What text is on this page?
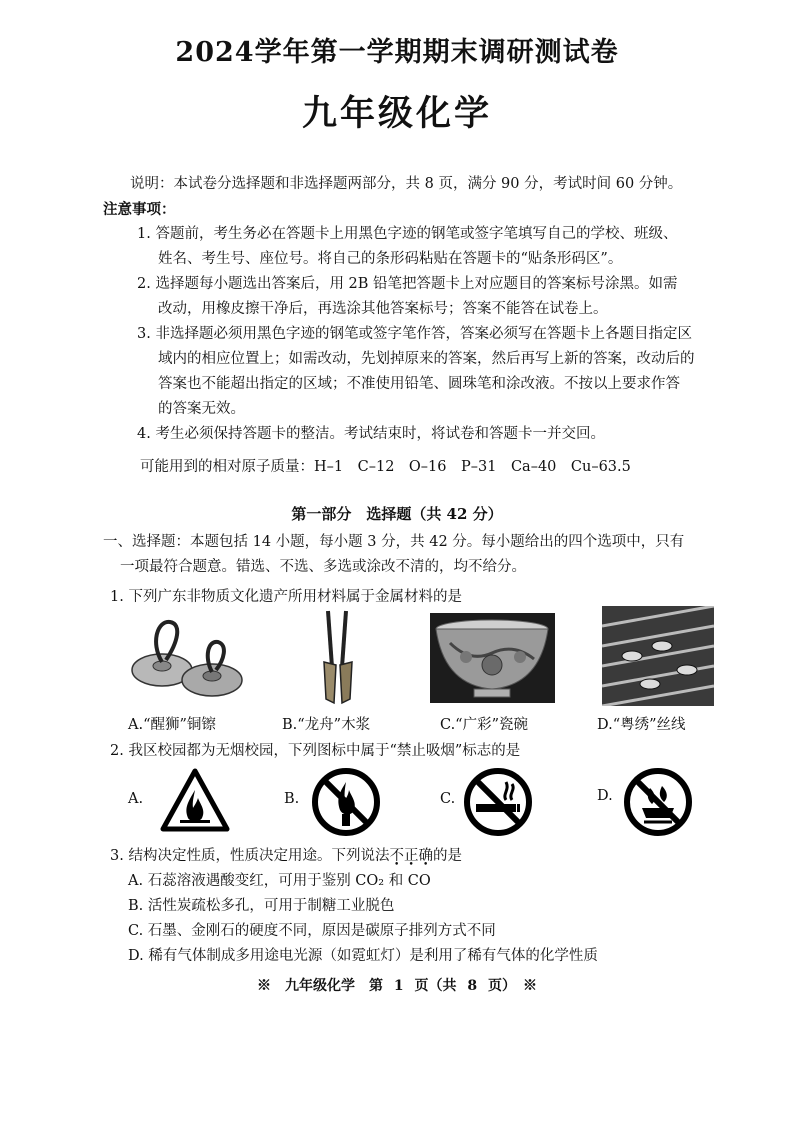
2024学年第一学期期末调研测试卷
九年级化学
说明：本试卷分选择题和非选择题两部分，共 8 页，满分 90 分，考试时间 60 分钟。
注意事项：
1. 答题前，考生务必在答题卡上用黑色字迹的钢笔或签字笔填写自己的学校、班级、
姓名、考生号、座位号。将自己的条形码粘贴在答题卡的“贴条形码区”。
2. 选择题每小题选出答案后，用 2B 铅笔把答题卡上对应题目的答案标号涂黑。如需
改动，用橡皮擦干净后，再选涂其他答案标号；答案不能答在试卷上。
3. 非选择题必须用黑色字迹的钢笔或签字笔作答，答案必须写在答题卡上各题目指定区
域内的相应位置上；如需改动，先划掉原来的答案，然后再写上新的答案，改动后的
答案也不能超出指定的区域；不准使用铅笔、圆珠笔和涂改液。不按以上要求作答
的答案无效。
4. 考生必须保持答题卡的整洁。考试结束时，将试卷和答题卡一并交回。
可能用到的相对原子质量：H–1　C–12　O–16　P–31　Ca–40　Cu–63.5
第一部分　选择题（共 42 分）
一、选择题：本题包括 14 小题，每小题 3 分，共 42 分。每小题给出的四个选项中，只有
一项最符合题意。错选、不选、多选或涂改不清的，均不给分。
1. 下列广东非物质文化遗产所用材料属于金属材料的是
A.“醒狮”铜镲	B.“龙舟”木浆	C.“广彩”瓷碗	D.“粤绣”丝线
2. 我区校园都为无烟校园，下列图标中属于“禁止吸烟”标志的是
A.	B.	C.	D.
3. 结构决定性质，性质决定用途。下列说法不正确的是
A. 石蕊溶液遇酸变红，可用于鉴别 CO₂ 和 CO
B. 活性炭疏松多孔，可用于制糖工业脱色
C. 石墨、金刚石的硬度不同，原因是碳原子排列方式不同
D. 稀有气体制成多用途电光源（如霓虹灯）是利用了稀有气体的化学性质
※　九年级化学　第 1 页（共 8 页）　※
